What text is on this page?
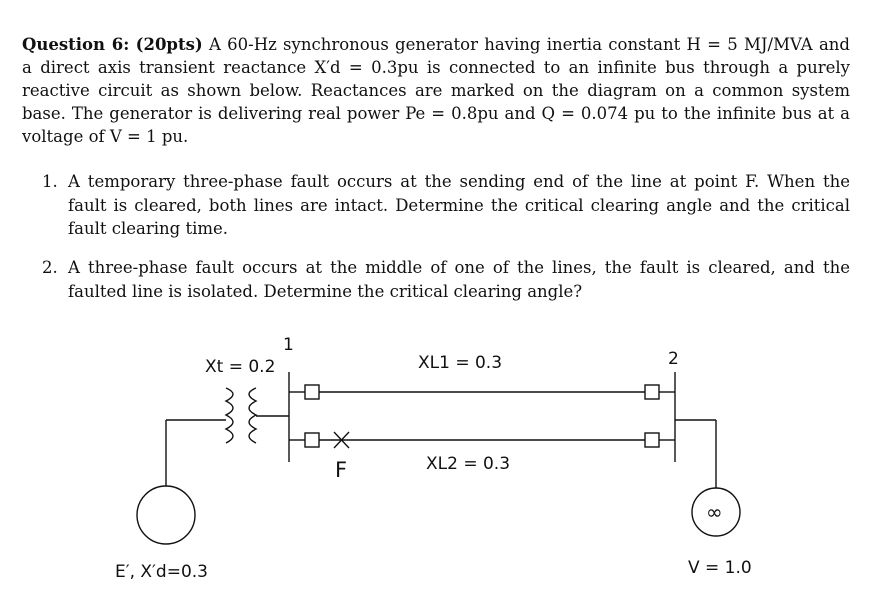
Question 6: (20pts) A 60-Hz synchronous generator having inertia constant H = 5 MJ/MVA and a direct axis transient reactance X′d = 0.3pu is connected to an infinite bus through a purely reactive circuit as shown below. Reactances are marked on the diagram on a common system base. The generator is delivering real power Pe = 0.8pu and Q = 0.074 pu to the infinite bus at a voltage of V = 1 pu.
1. A temporary three-phase fault occurs at the sending end of the line at point F. When the fault is cleared, both lines are intact. Determine the critical clearing angle and the critical fault clearing time.
2. A three-phase fault occurs at the middle of one of the lines, the fault is cleared, and the faulted line is isolated. Determine the critical clearing angle?
Xt = 0.2
1
XL1 = 0.3	2
F	XL2 = 0.3
∞
E′, X′d=0.3	V = 1.0
